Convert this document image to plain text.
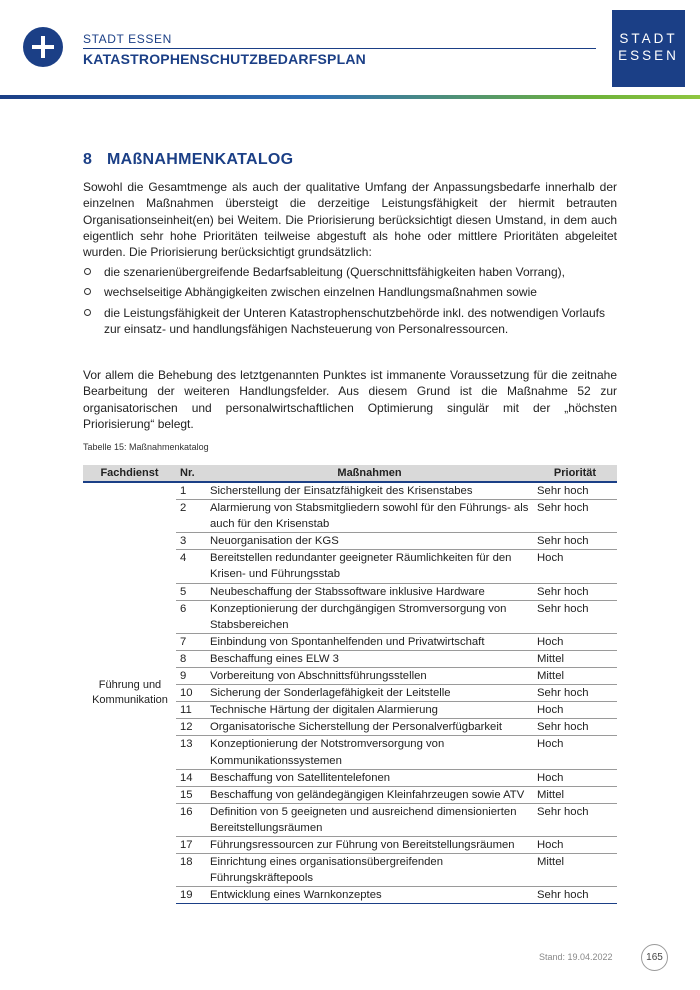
STADT ESSEN
KATASTROPHENSCHUTZBEDARFSPLAN
STADT
ESSEN
8 MAßNAHMENKATALOG

Sowohl die Gesamtmenge als auch der qualitative Umfang der Anpassungsbedarfe innerhalb der einzelnen Maßnahmen übersteigt die derzeitige Leistungsfähigkeit der hiermit betrauten Organisationseinheit(en) bei Weitem. Die Priorisierung berücksichtigt diesen Umstand, in dem auch eigentlich sehr hohe Prioritäten teilweise abgestuft als hohe oder mittlere Prioritäten abgeleitet wurden. Die Priorisierung berücksichtigt grundsätzlich:

die szenarienübergreifende Bedarfsableitung (Querschnittsfähigkeiten haben Vorrang),
wechselseitige Abhängigkeiten zwischen einzelnen Handlungsmaßnahmen sowie
die Leistungsfähigkeit der Unteren Katastrophenschutzbehörde inkl. des notwendigen Vorlaufs zur einsatz- und handlungsfähigen Nachsteuerung von Personalressourcen.

Vor allem die Behebung des letztgenannten Punktes ist immanente Voraussetzung für die zeitnahe Bearbeitung der weiteren Handlungsfelder. Aus diesem Grund ist die Maßnahme 52 zur organisatorischen und personalwirtschaftlichen Optimierung singulär mit der „höchsten Priorisierung“ belegt.

Tabelle 15: Maßnahmenkatalog
Fachdienst	Nr.	Maßnahmen	Priorität

Führung und
Kommunikation	1	Sicherstellung der Einsatzfähigkeit des Krisenstabes	Sehr hoch
	2	Alarmierung von Stabsmitgliedern sowohl für den Führungs- als auch für den Krisenstab	Sehr hoch
	3	Neuorganisation der KGS	Sehr hoch
	4	Bereitstellen redundanter geeigneter Räumlichkeiten für den Krisen- und Führungsstab	Hoch
	5	Neubeschaffung der Stabssoftware inklusive Hardware	Sehr hoch
	6	Konzeptionierung der durchgängigen Stromversorgung von Stabsbereichen	Sehr hoch
	7	Einbindung von Spontanhelfenden und Privatwirtschaft	Hoch
	8	Beschaffung eines ELW 3	Mittel
	9	Vorbereitung von Abschnittsführungsstellen	Mittel
	10	Sicherung der Sonderlagefähigkeit der Leitstelle	Sehr hoch
	11	Technische Härtung der digitalen Alarmierung	Hoch
	12	Organisatorische Sicherstellung der Personalverfügbarkeit	Sehr hoch
	13	Konzeptionierung der Notstromversorgung von Kommunikationssystemen	Hoch
	14	Beschaffung von Satellitentelefonen	Hoch
	15	Beschaffung von geländegängigen Kleinfahrzeugen sowie ATV	Mittel
	16	Definition von 5 geeigneten und ausreichend dimensionierten Bereitstellungsräumen	Sehr hoch
	17	Führungsressourcen zur Führung von Bereitstellungsräumen	Hoch
	18	Einrichtung eines organisationsübergreifenden Führungskräftepools	Mittel
	19	Entwicklung eines Warnkonzeptes	Sehr hoch
Stand: 19.04.2022	165
